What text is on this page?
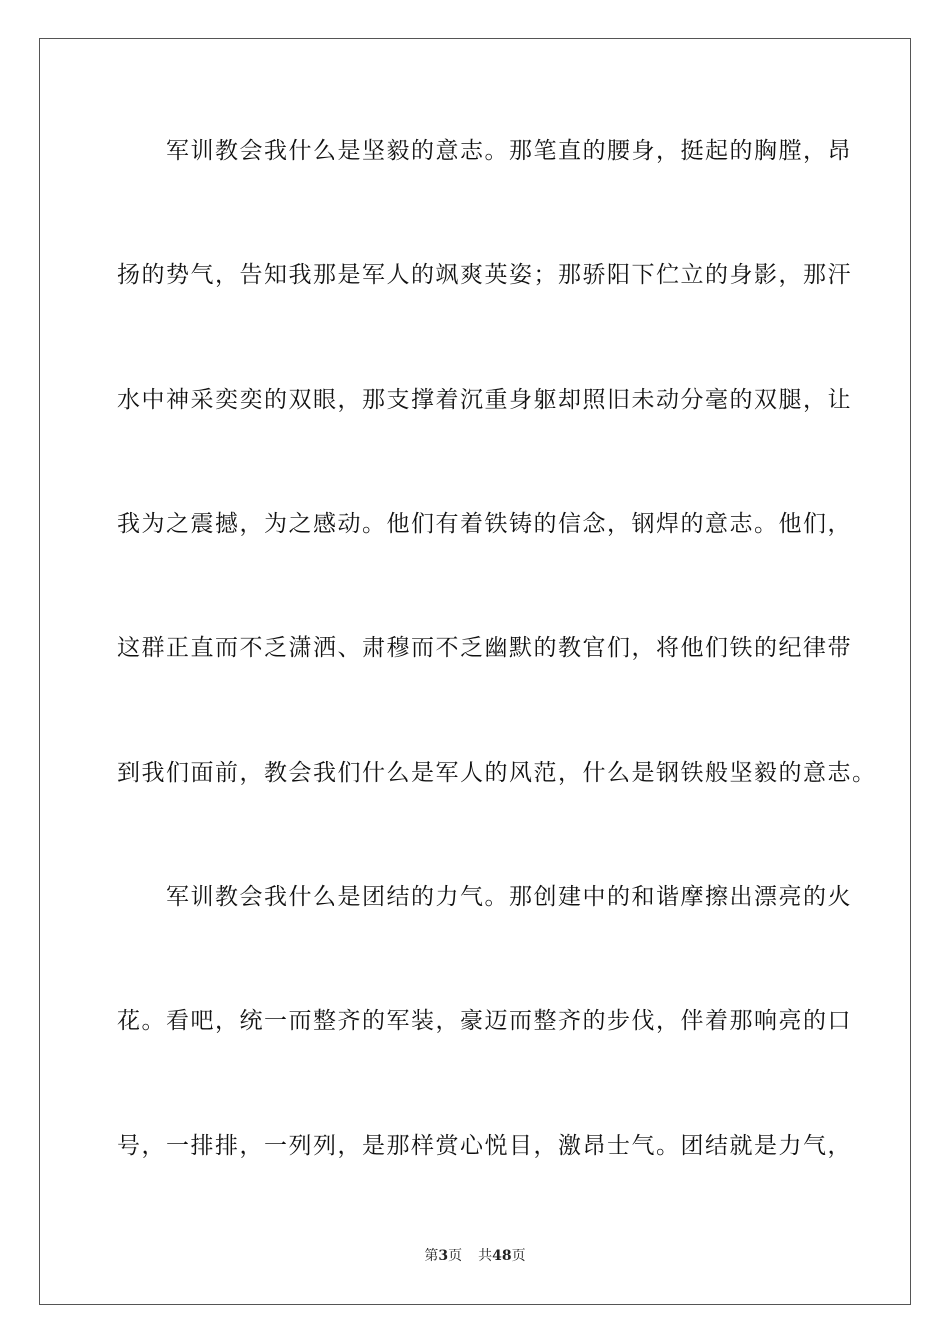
　　军训教会我什么是坚毅的意志。那笔直的腰身，挺起的胸膛，昂
扬的势气，告知我那是军人的飒爽英姿；那骄阳下伫立的身影，那汗
水中神采奕奕的双眼，那支撑着沉重身躯却照旧未动分毫的双腿，让
我为之震撼，为之感动。他们有着铁铸的信念，钢焊的意志。他们，
这群正直而不乏潇洒、肃穆而不乏幽默的教官们，将他们铁的纪律带
到我们面前，教会我们什么是军人的风范，什么是钢铁般坚毅的意志。
　　军训教会我什么是团结的力气。那创建中的和谐摩擦出漂亮的火
花。看吧，统一而整齐的军装，豪迈而整齐的步伐，伴着那响亮的口
号，一排排，一列列，是那样赏心悦目，激昂士气。团结就是力气，
第3页 共48页
